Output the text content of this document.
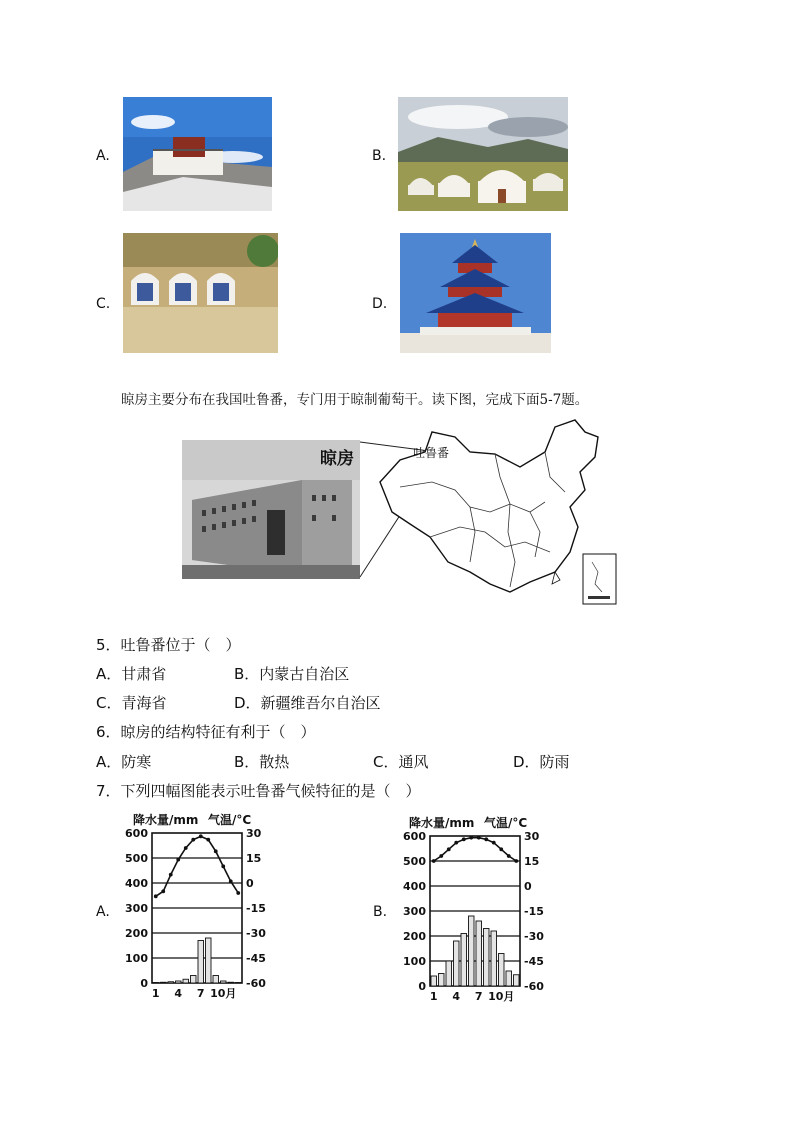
A.	B.
C.	D.
晾房主要分布在我国吐鲁番，专门用于晾制葡萄干。读下图，完成下面5-7题。
晾房	吐鲁番
5．吐鲁番位于（　）
A．甘肃省	B．内蒙古自治区
C．青海省	D．新疆维吾尔自治区
6．晾房的结构特征有利于（　）
A．防寒	B．散热	C．通风	D．防雨
7．下列四幅图能表示吐鲁番气候特征的是（　）
A.	B.
降水量/mm 气温/°C	降水量/mm 气温/°C
600	30
500	15
400	0
300	-15
200	-30
100	-45
0	-60
1 4 7 10月
600	30
500	15
400	0
300	-15
200	-30
100	-45
0	-60
1 4 7 10月
